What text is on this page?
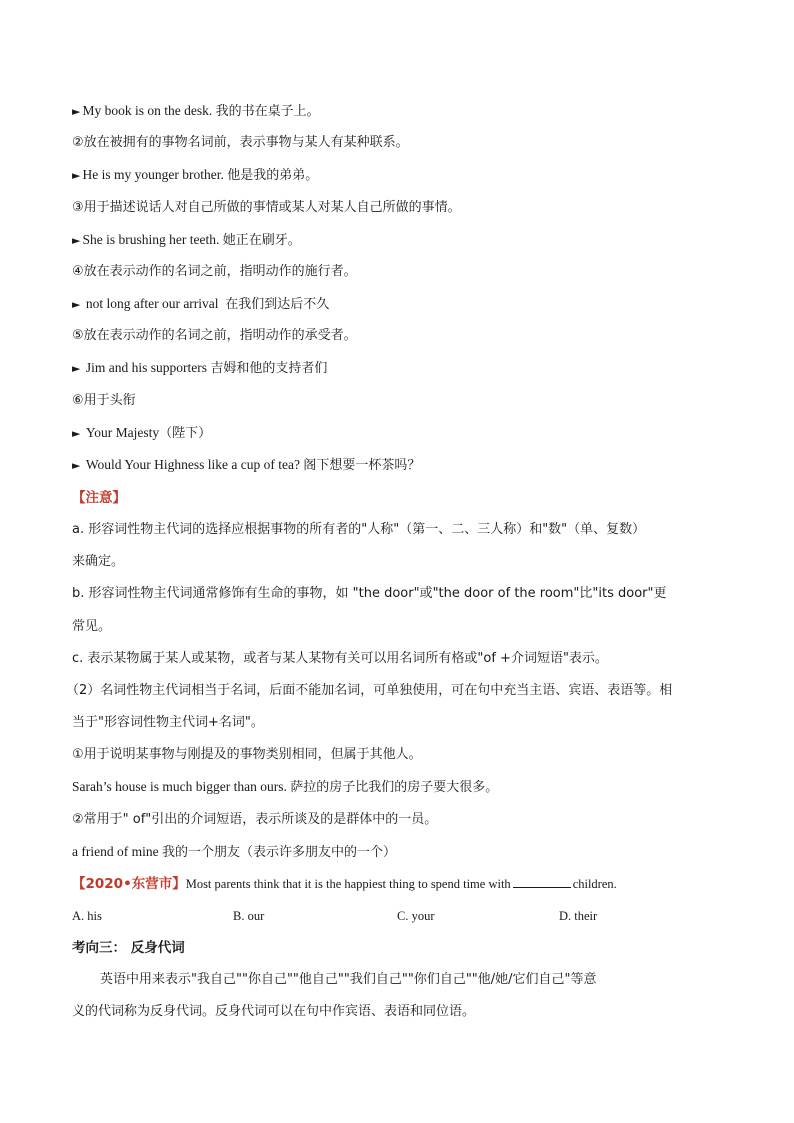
► My book is on the desk. 我的书在桌子上。
②放在被拥有的事物名词前，表示事物与某人有某种联系。
► He is my younger brother. 他是我的弟弟。
③用于描述说话人对自己所做的事情或某人对某人自己所做的事情。
► She is brushing her teeth. 她正在刷牙。
④放在表示动作的名词之前，指明动作的施行者。
► not long after our arrival 在我们到达后不久
⑤放在表示动作的名词之前，指明动作的承受者。
► Jim and his supporters 吉姆和他的支持者们
⑥用于头衔
► Your Majesty（陛下）
► Would Your Highness like a cup of tea? 阁下想要一杯茶吗？
【注意】
a. 形容词性物主代词的选择应根据事物的所有者的"人称"（第一、二、三人称）和"数"（单、复数）
来确定。
b. 形容词性物主代词通常修饰有生命的事物，如 "the door"或"the door of the room"比"its door"更
常见。
c. 表示某物属于某人或某物，或者与某人某物有关可以用名词所有格或"of +介词短语"表示。
（2）名词性物主代词相当于名词，后面不能加名词，可单独使用，可在句中充当主语、宾语、表语等。相
当于"形容词性物主代词+名词"。
①用于说明某事物与刚提及的事物类别相同，但属于其他人。
Sarah’s house is much bigger than ours. 萨拉的房子比我们的房子要大很多。
②常用于" of"引出的介词短语，表示所谈及的是群体中的一员。
a friend of mine 我的一个朋友（表示许多朋友中的一个）
【2020•东营市】Most parents think that it is the happiest thing to spend time with	children.
A. his	B. our	C. your	D. their
考向三： 反身代词
英语中用来表示"我自己""你自己""他自己""我们自己""你们自己""他/她/它们自己"等意
义的代词称为反身代词。反身代词可以在句中作宾语、表语和同位语。
